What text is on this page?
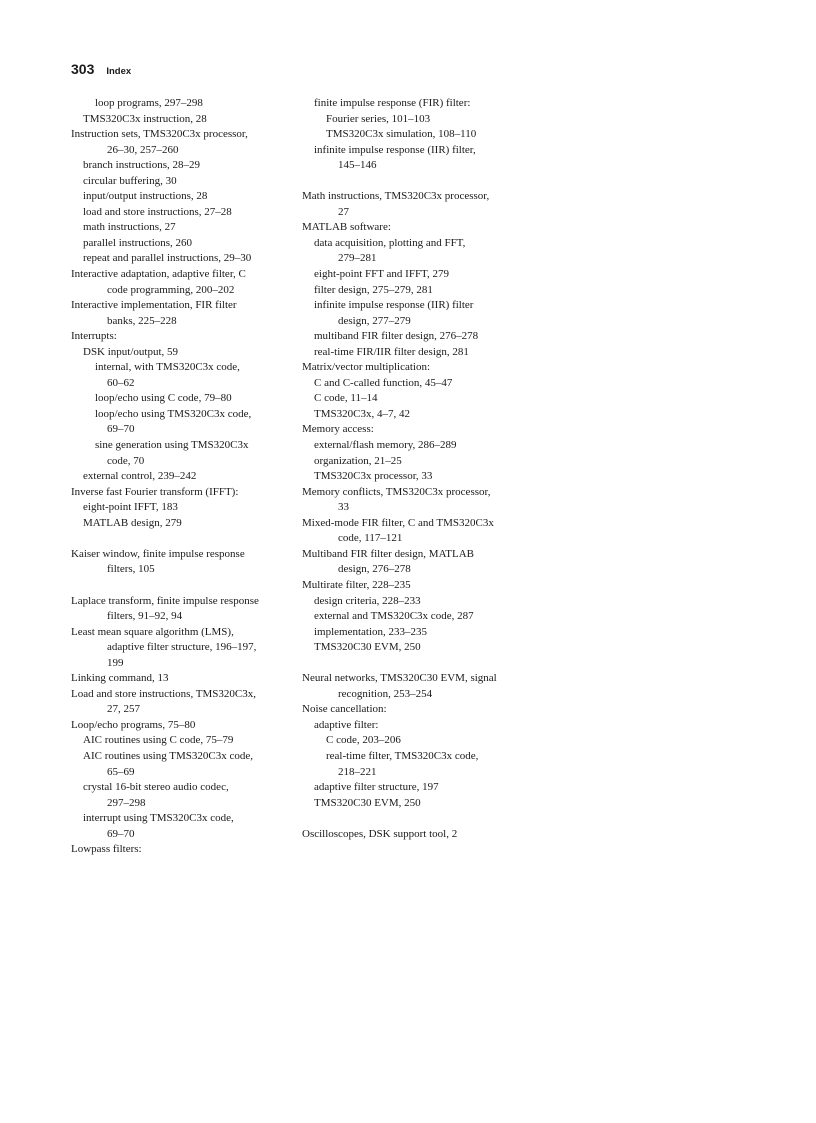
303 Index
loop programs, 297–298
TMS320C3x instruction, 28
Instruction sets, TMS320C3x processor,
26–30, 257–260
branch instructions, 28–29
circular buffering, 30
input/output instructions, 28
load and store instructions, 27–28
math instructions, 27
parallel instructions, 260
repeat and parallel instructions, 29–30
Interactive adaptation, adaptive filter, C
code programming, 200–202
Interactive implementation, FIR filter
banks, 225–228
Interrupts:
DSK input/output, 59
internal, with TMS320C3x code,
60–62
loop/echo using C code, 79–80
loop/echo using TMS320C3x code,
69–70
sine generation using TMS320C3x
code, 70
external control, 239–242
Inverse fast Fourier transform (IFFT):
eight-point IFFT, 183
MATLAB design, 279
Kaiser window, finite impulse response
filters, 105
Laplace transform, finite impulse response
filters, 91–92, 94
Least mean square algorithm (LMS),
adaptive filter structure, 196–197,
199
Linking command, 13
Load and store instructions, TMS320C3x,
27, 257
Loop/echo programs, 75–80
AIC routines using C code, 75–79
AIC routines using TMS320C3x code,
65–69
crystal 16-bit stereo audio codec,
297–298
interrupt using TMS320C3x code,
69–70
Lowpass filters:
finite impulse response (FIR) filter:
Fourier series, 101–103
TMS320C3x simulation, 108–110
infinite impulse response (IIR) filter,
145–146
Math instructions, TMS320C3x processor,
27
MATLAB software:
data acquisition, plotting and FFT,
279–281
eight-point FFT and IFFT, 279
filter design, 275–279, 281
infinite impulse response (IIR) filter
design, 277–279
multiband FIR filter design, 276–278
real-time FIR/IIR filter design, 281
Matrix/vector multiplication:
C and C-called function, 45–47
C code, 11–14
TMS320C3x, 4–7, 42
Memory access:
external/flash memory, 286–289
organization, 21–25
TMS320C3x processor, 33
Memory conflicts, TMS320C3x processor,
33
Mixed-mode FIR filter, C and TMS320C3x
code, 117–121
Multiband FIR filter design, MATLAB
design, 276–278
Multirate filter, 228–235
design criteria, 228–233
external and TMS320C3x code, 287
implementation, 233–235
TMS320C30 EVM, 250
Neural networks, TMS320C30 EVM, signal
recognition, 253–254
Noise cancellation:
adaptive filter:
C code, 203–206
real-time filter, TMS320C3x code,
218–221
adaptive filter structure, 197
TMS320C30 EVM, 250
Oscilloscopes, DSK support tool, 2
